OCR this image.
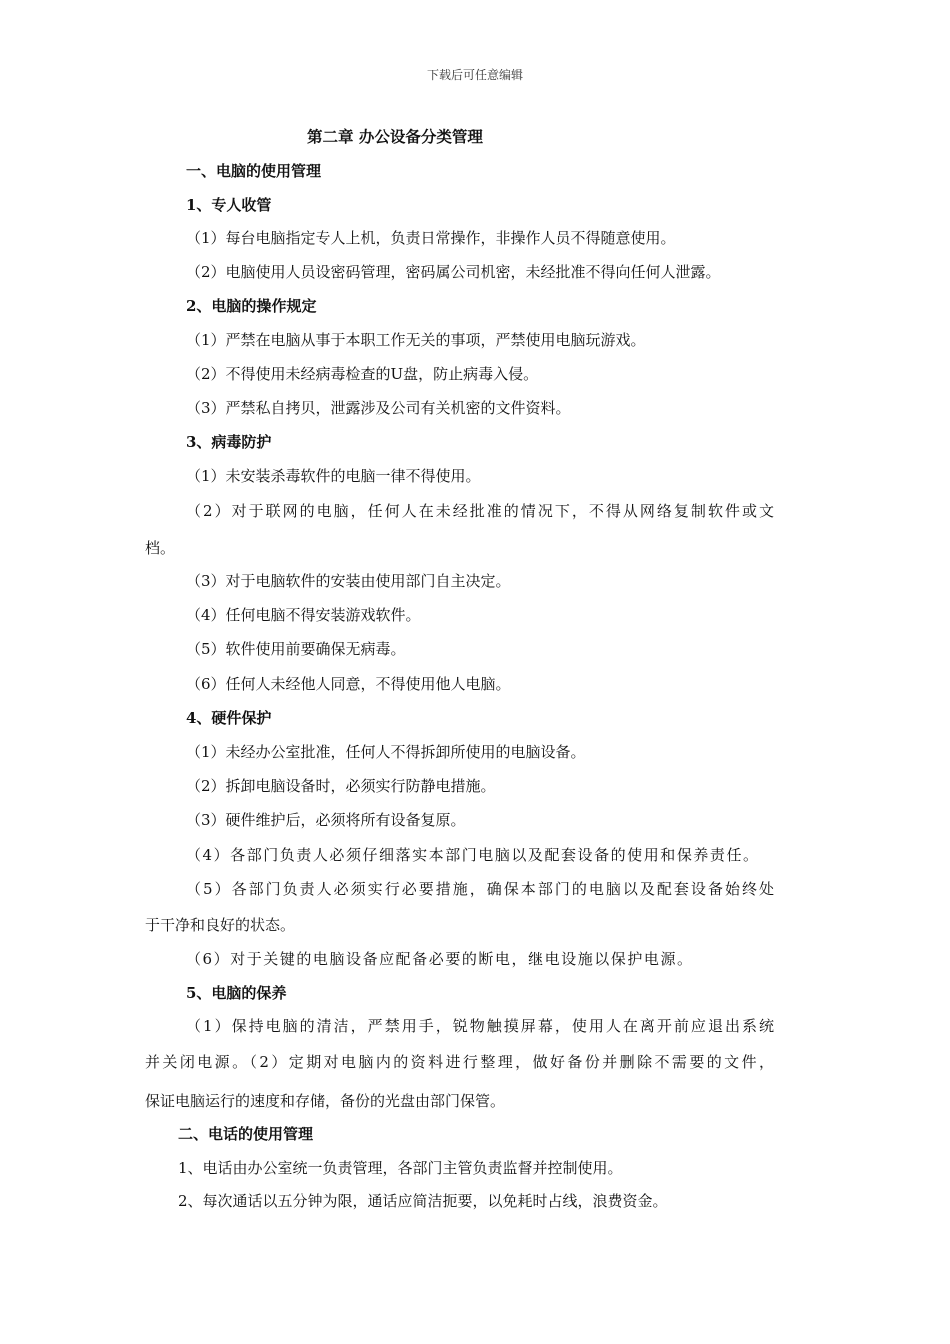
下载后可任意编辑
第二章 办公设备分类管理
一、电脑的使用管理
1、专人收管
（1）每台电脑指定专人上机，负责日常操作，非操作人员不得随意使用。
（2）电脑使用人员设密码管理，密码属公司机密，未经批准不得向任何人泄露。
2、电脑的操作规定
（1）严禁在电脑从事于本职工作无关的事项，严禁使用电脑玩游戏。
（2）不得使用未经病毒检查的U盘，防止病毒入侵。
（3）严禁私自拷贝，泄露涉及公司有关机密的文件资料。
3、病毒防护
（1）未安装杀毒软件的电脑一律不得使用。
（2）对于联网的电脑，任何人在未经批准的情况下，不得从网络复制软件或文
档。
（3）对于电脑软件的安装由使用部门自主决定。
（4）任何电脑不得安装游戏软件。
（5）软件使用前要确保无病毒。
（6）任何人未经他人同意，不得使用他人电脑。
4、硬件保护
（1）未经办公室批准，任何人不得拆卸所使用的电脑设备。
（2）拆卸电脑设备时，必须实行防静电措施。
（3）硬件维护后，必须将所有设备复原。
（4）各部门负责人必须仔细落实本部门电脑以及配套设备的使用和保养责任。
（5）各部门负责人必须实行必要措施，确保本部门的电脑以及配套设备始终处
于干净和良好的状态。
（6）对于关键的电脑设备应配备必要的断电，继电设施以保护电源。
5、电脑的保养
（1）保持电脑的清洁，严禁用手，锐物触摸屏幕，使用人在离开前应退出系统
并关闭电源。（2）定期对电脑内的资料进行整理，做好备份并删除不需要的文件，
保证电脑运行的速度和存储，备份的光盘由部门保管。
二、电话的使用管理
1、电话由办公室统一负责管理，各部门主管负责监督并控制使用。
2、每次通话以五分钟为限，通话应简洁扼要，以免耗时占线，浪费资金。
